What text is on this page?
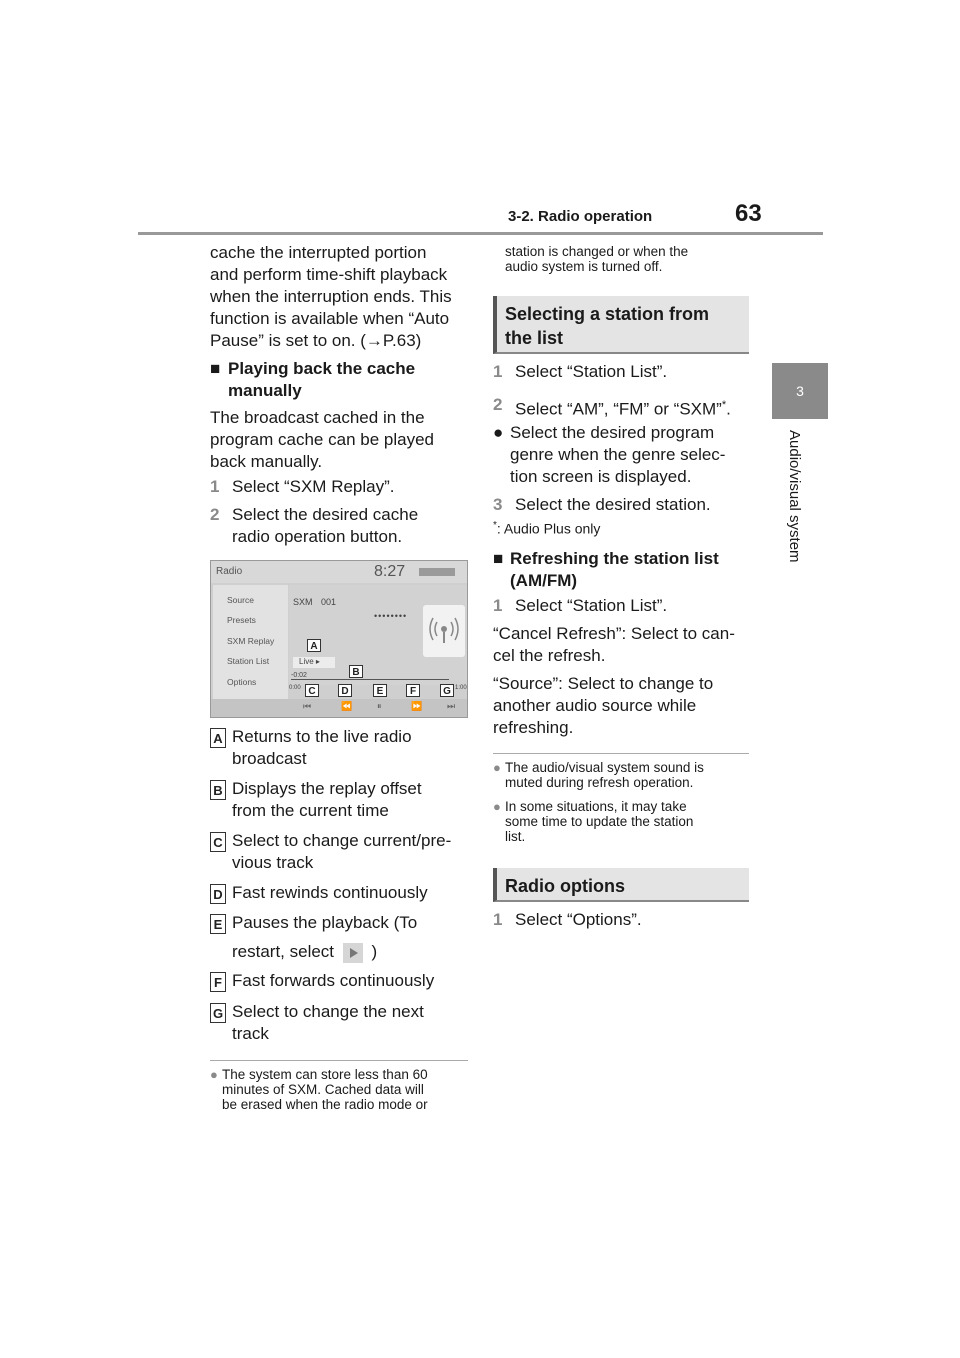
3-2. Radio operation	63
3
Audio/visual system
cache the interrupted portion
and perform time-shift playback
when the interruption ends. This
function is available when “Auto
Pause” is set to on. (→P.63)
■ Playing back the cache
manually
The broadcast cached in the
program cache can be played
back manually.
1 Select “SXM Replay”.
2 Select the desired cache
radio operation button.
Radio	8:27
Source
Presets
SXM Replay
Station List
Options
SXM 001
••••••••
Live ▸
-0:02
0:00	1:00
⏮	⏪	⏸	⏩	⏭
A
B
C	D	E	F	G
A Returns to the live radio
broadcast
B Displays the replay offset
from the current time
C Select to change current/pre-
vious track
D Fast rewinds continuously
E Pauses the playback (To
restart, select )
F Fast forwards continuously
G Select to change the next
track
● The system can store less than 60
minutes of SXM. Cached data will
be erased when the radio mode or
station is changed or when the
audio system is turned off.
Selecting a station from
the list
1 Select “Station List”.
2 Select “AM”, “FM” or “SXM”*.
● Select the desired program
genre when the genre selec-
tion screen is displayed.
3 Select the desired station.
*: Audio Plus only
■ Refreshing the station list
(AM/FM)
1 Select “Station List”.
“Cancel Refresh”: Select to can-
cel the refresh.
“Source”: Select to change to
another audio source while
refreshing.
● The audio/visual system sound is
muted during refresh operation.
● In some situations, it may take
some time to update the station
list.
Radio options
1 Select “Options”.
